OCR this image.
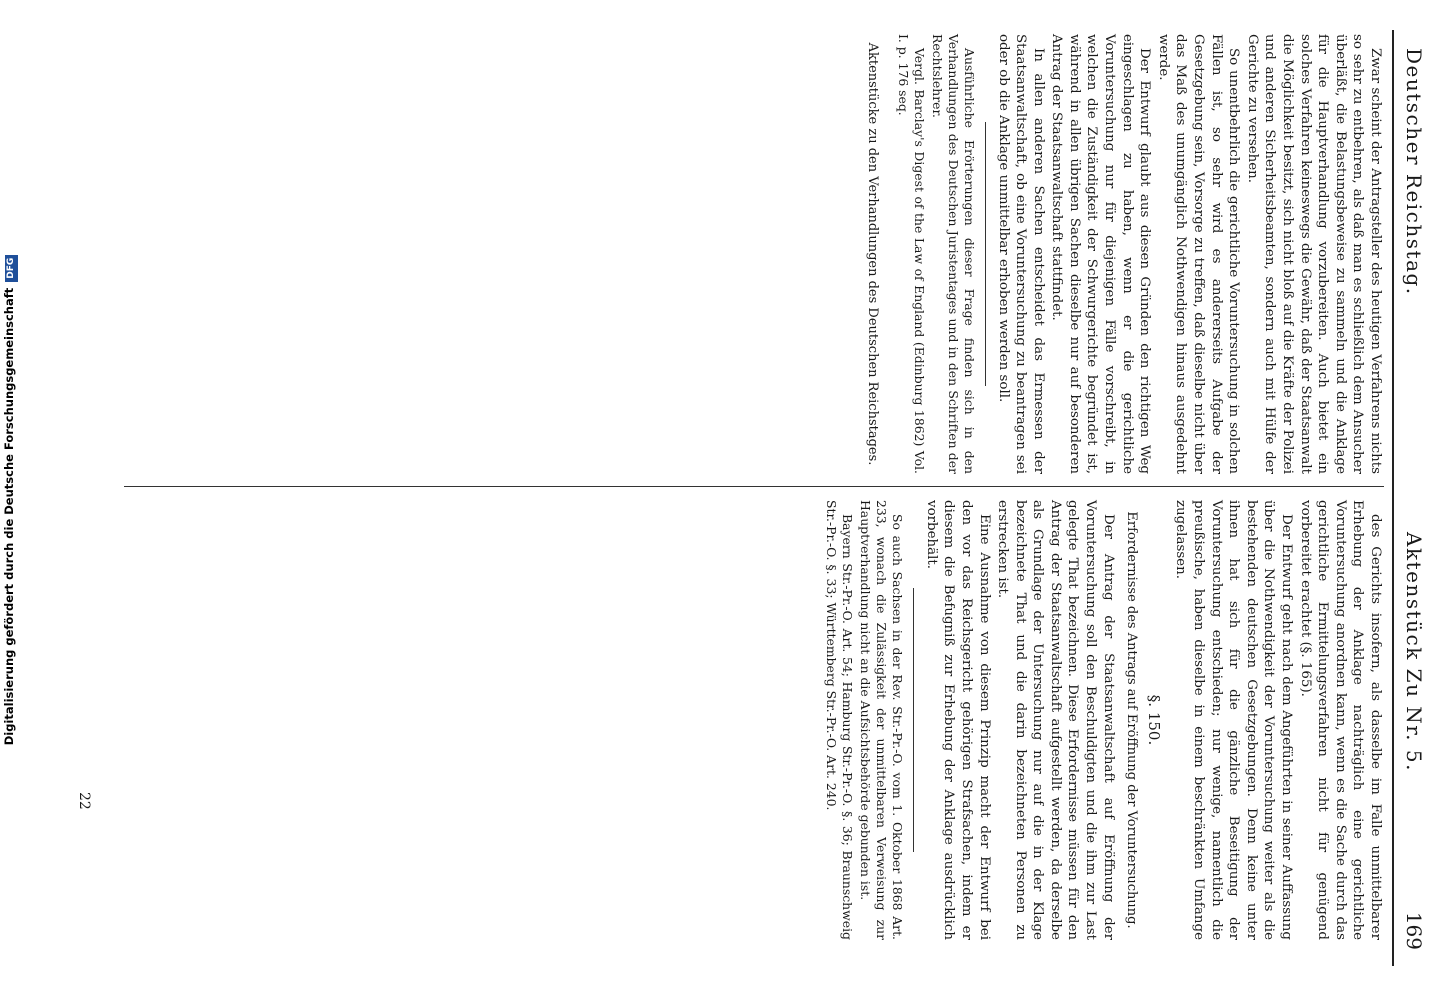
Deutscher Reichstag.
Aktenstück Zu Nr. 5.
169

Zwar scheint der Antragsteller des heutigen Verfahrens nichts so sehr zu entbehren, als daß man es schließlich dem Ansucher überläßt, die Belastungsbeweise zu sammeln und die Anklage für die Hauptverhandlung vorzubereiten. Auch bietet ein solches Verfahren keineswegs die Gewähr, daß der Staatsanwalt die Möglichkeit besitzt, sich nicht bloß auf die Kräfte der Polizei und anderen Sicherheitsbeamten, sondern auch mit Hülfe der Gerichte zu versehen.

So unentbehrlich die gerichtliche Voruntersuchung in solchen Fällen ist, so sehr wird es andererseits Aufgabe der Gesetzgebung sein, Vorsorge zu treffen, daß dieselbe nicht über das Maß des unumgänglich Nothwendigen hinaus ausgedehnt werde.

Der Entwurf glaubt aus diesen Gründen den richtigen Weg eingeschlagen zu haben, wenn er die gerichtliche Voruntersuchung nur für diejenigen Fälle vorschreibt, in welchen die Zuständigkeit der Schwurgerichte begründet ist, während in allen übrigen Sachen dieselbe nur auf besonderen Antrag der Staatsanwaltschaft stattfindet.

In allen anderen Sachen entscheidet das Ermessen der Staatsanwaltschaft, ob eine Voruntersuchung zu beantragen sei oder ob die Anklage unmittelbar erhoben werden soll.

Ausführliche Erörterungen dieser Frage finden sich in den Verhandlungen des Deutschen Juristentages und in den Schriften der Rechtslehrer.

Vergl. Barclay's Digest of the Law of England (Edinburg 1862) Vol. I. p. 176 seq.

Aktenstücke zu den Verhandlungen des Deutschen Reichstages.

des Gerichts insofern, als dasselbe im Falle unmittelbarer Erhebung der Anklage nachträglich eine gerichtliche Voruntersuchung anordnen kann, wenn es die Sache durch das gerichtliche Ermittelungsverfahren nicht für genügend vorbereitet erachtet (§. 165).

Der Entwurf geht nach dem Angeführten in seiner Auffassung über die Nothwendigkeit der Voruntersuchung weiter als die bestehenden deutschen Gesetzgebungen. Denn keine unter ihnen hat sich für die gänzliche Beseitigung der Voruntersuchung entschieden; nur wenige, namentlich die preußische, haben dieselbe in einem beschränkten Umfange zugelassen.

§. 150.
Erfordernisse des Antrags auf Eröffnung der Voruntersuchung.

Der Antrag der Staatsanwaltschaft auf Eröffnung der Voruntersuchung soll den Beschuldigten und die ihm zur Last gelegte That bezeichnen. Diese Erfordernisse müssen für den Antrag der Staatsanwaltschaft aufgestellt werden, da derselbe als Grundlage der Untersuchung nur auf die in der Klage bezeichnete That und die darin bezeichneten Personen zu erstrecken ist.

Eine Ausnahme von diesem Prinzip macht der Entwurf bei den vor das Reichsgericht gehörigen Strafsachen, indem er diesem die Befugniß zur Erhebung der Anklage ausdrücklich vorbehält.

So auch Sachsen in der Rev. Str.-Pr.-O. vom 1. Oktober 1868 Art. 233, wonach die Zulässigkeit der unmittelbaren Verweisung zur Hauptverhandlung nicht an die Aufsichtsbehörde gebunden ist.

Bayern Str.-Pr.-O. Art. 54; Hamburg Str.-Pr.-O. §. 36; Braunschweig Str.-Pr.-O. §. 33; Württemberg Str.-Pr.-O. Art. 240.

22
Digitalisierung gefördert durch die Deutsche ForschungsgemeinschaftDFG
